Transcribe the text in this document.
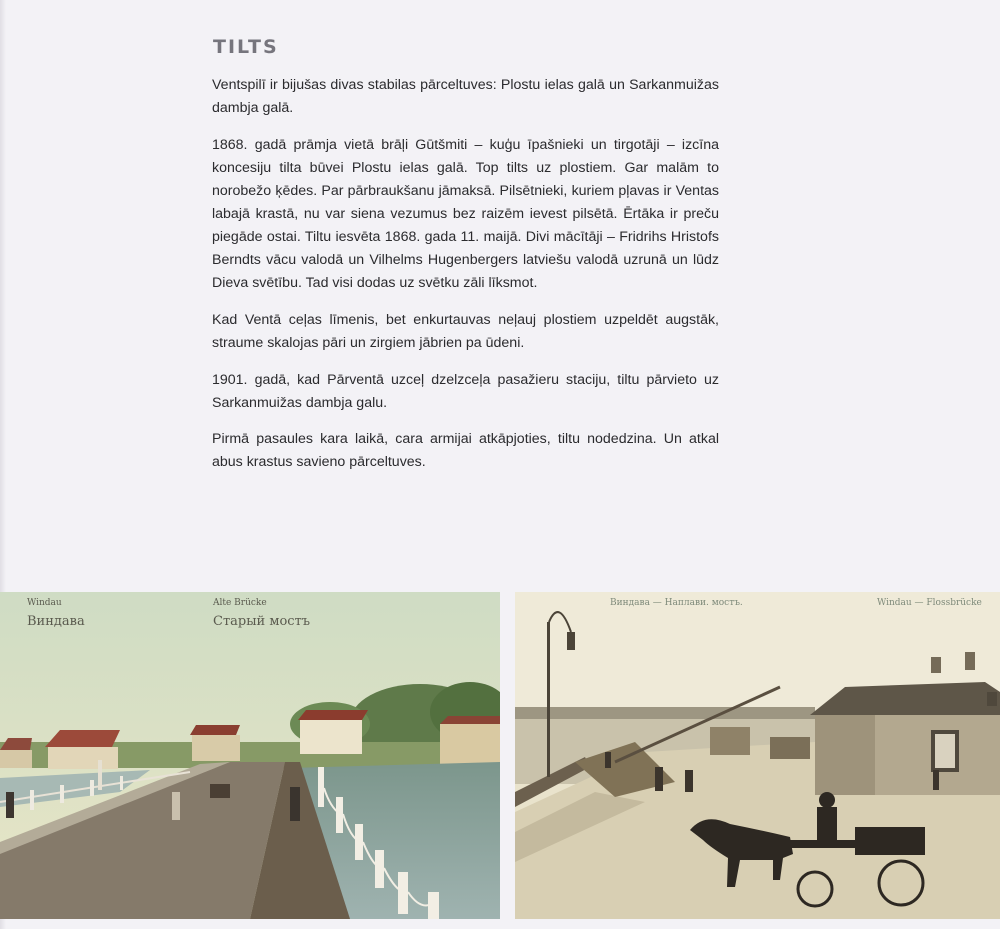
TILTS

Ventspilī ir bijušas divas stabilas pārceltuves: Plostu ielas galā un Sarkanmuižas dambja galā.

1868. gadā prāmja vietā brāļi Gūtšmiti – kuģu īpašnieki un tirgotāji – izcīna koncesiju tilta būvei Plostu ielas galā. Top tilts uz plostiem. Gar malām to norobežo ķēdes. Par pārbraukšanu jāmaksā. Pilsētnieki, kuriem pļavas ir Ventas labajā krastā, nu var siena vezumus bez raizēm ievest pilsētā. Ērtāka ir preču piegāde ostai. Tiltu iesvēta 1868. gada 11. maijā. Divi mācītāji – Fridrihs Hristofs Berndts vācu valodā un Vilhelms Hugenbergers latviešu valodā uzrunā un lūdz Dieva svētību. Tad visi dodas uz svētku zāli līksmot.

Kad Ventā ceļas līmenis, bet enkurtauvas neļauj plostiem uzpeldēt augstāk, straume skalojas pāri un zirgiem jābrien pa ūdeni.

1901. gadā, kad Pārventā uzceļ dzelzceļa pasažieru staciju, tiltu pārvieto uz Sarkanmuižas dambja galu.

Pirmā pasaules kara laikā, cara armijai atkāpjoties, tiltu nodedzina. Un atkal abus krastus savieno pārceltuves.

Windau
Виндава
Alte Brücke
Старый мостъ
Виндава — Наплави. мостъ.	Windau — Flossbrücke
